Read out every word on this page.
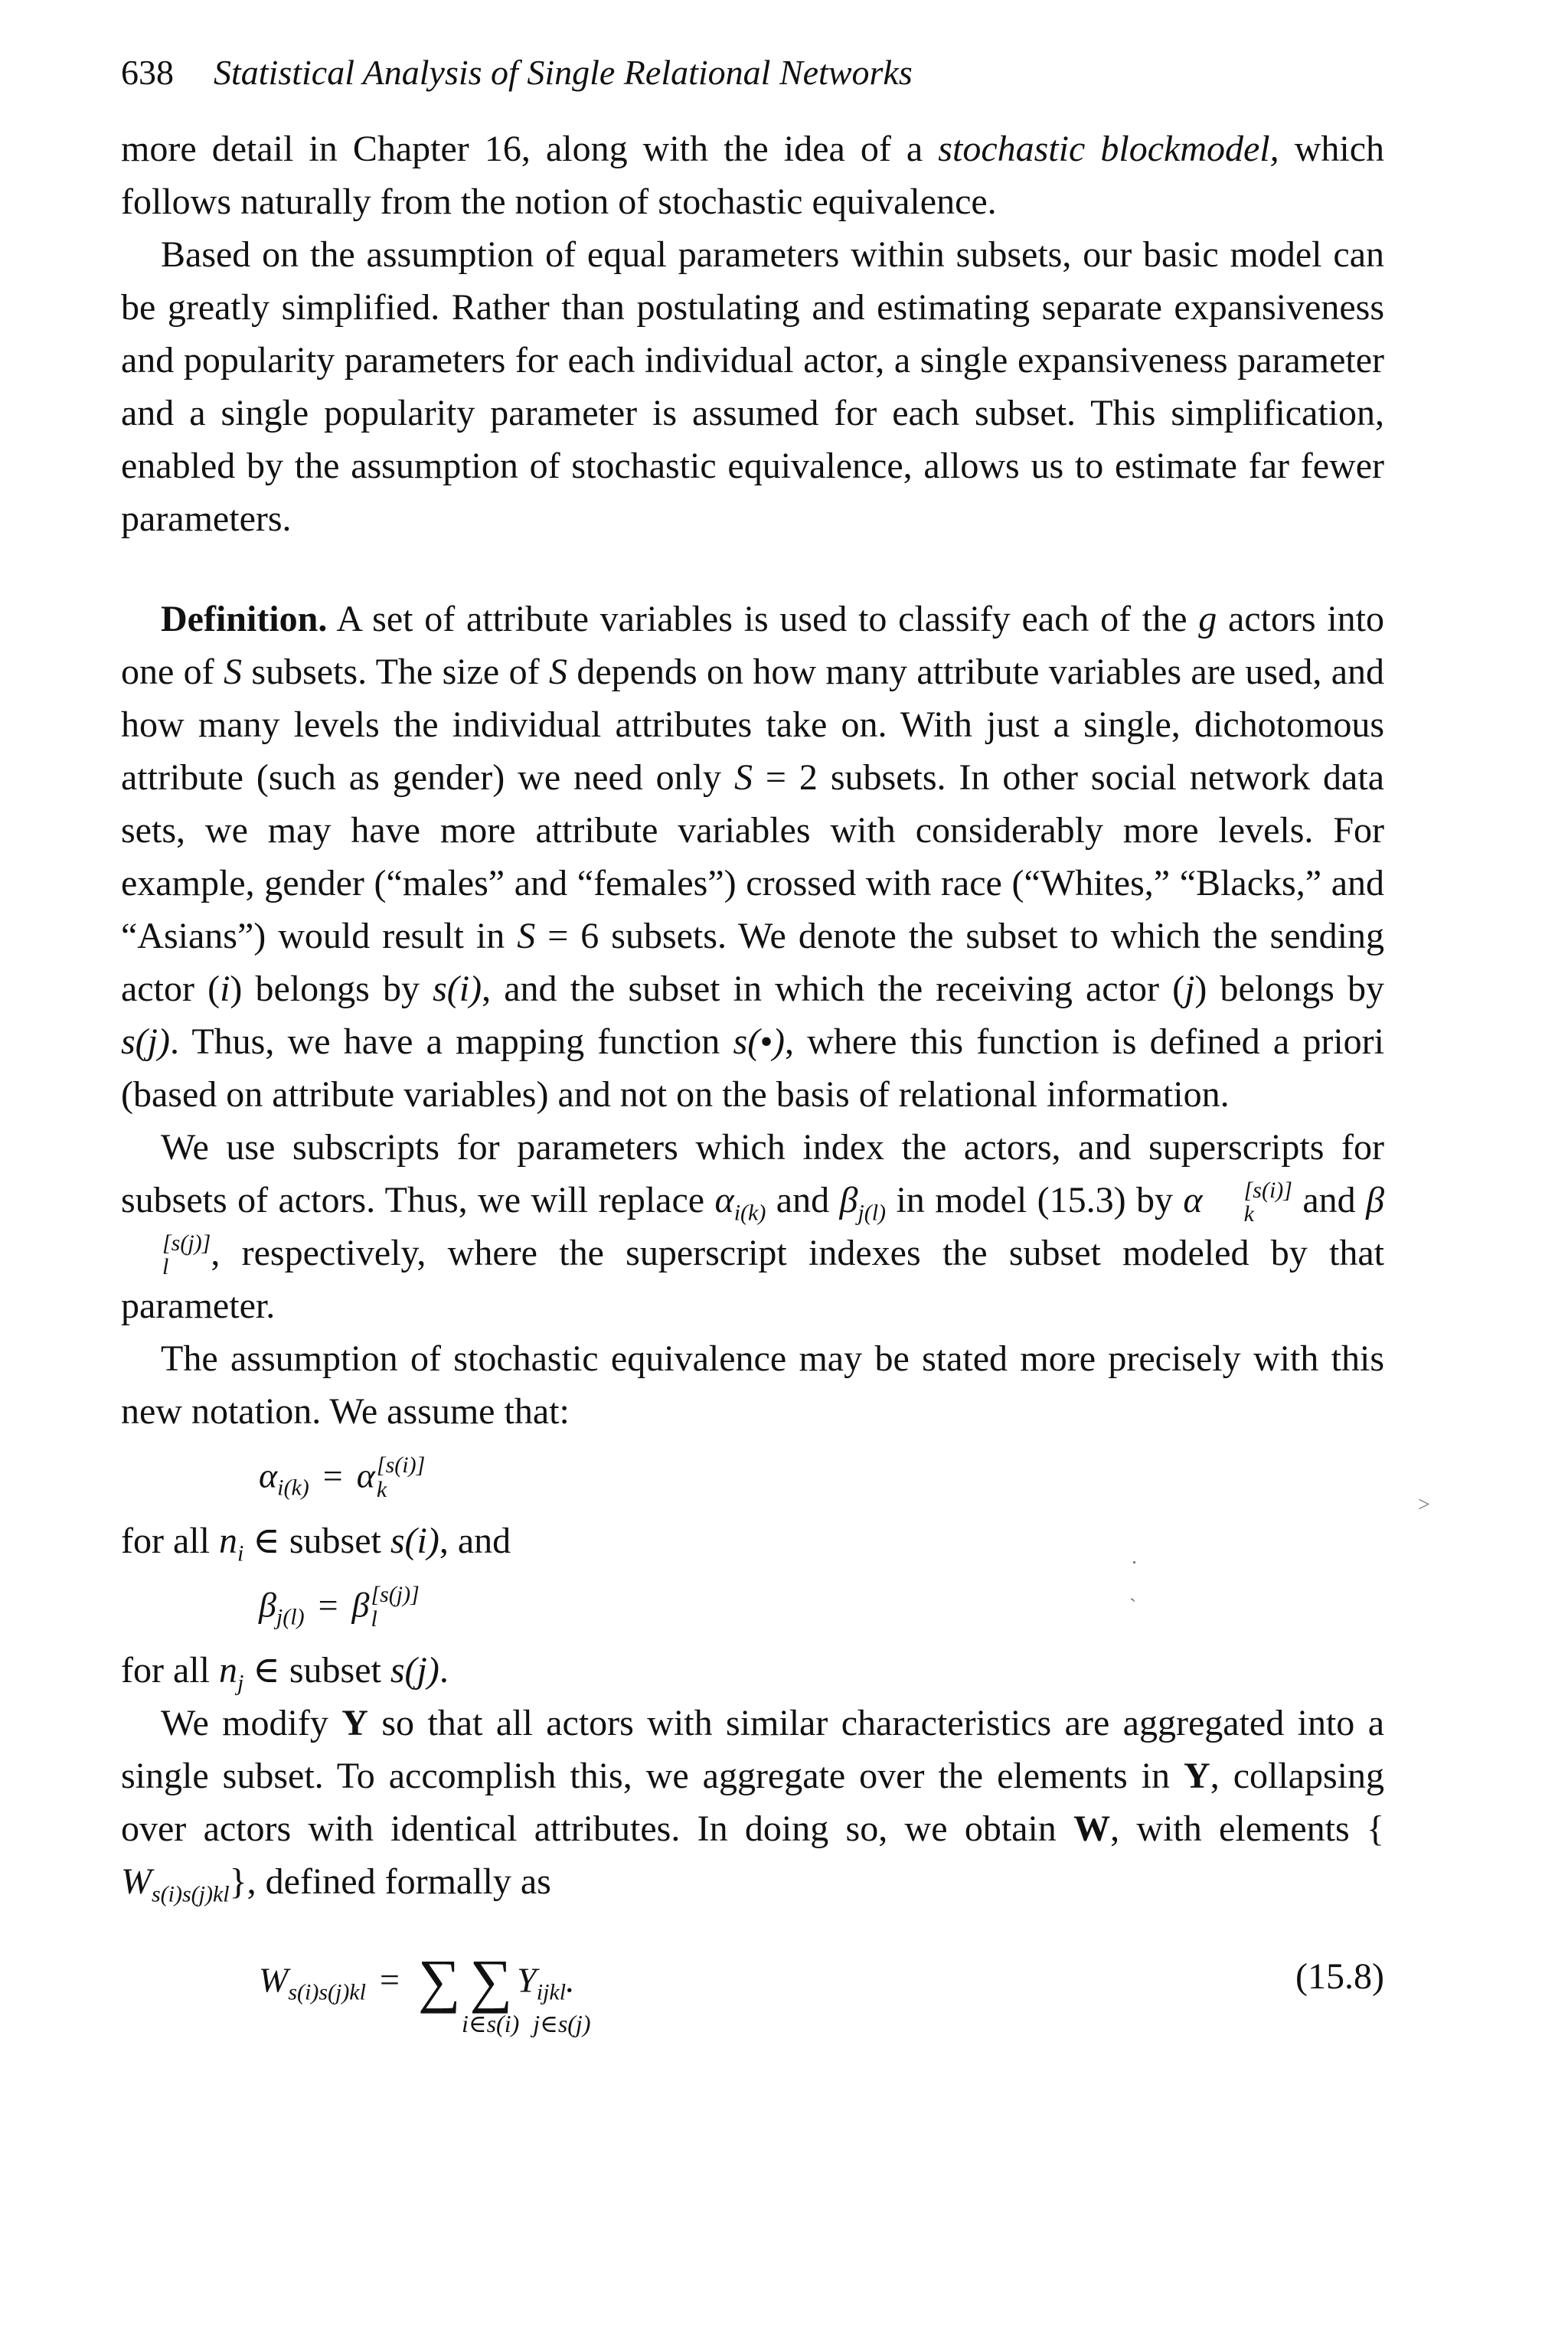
638 Statistical Analysis of Single Relational Networks

more detail in Chapter 16, along with the idea of a stochastic blockmodel, which follows naturally from the notion of stochastic equivalence.

Based on the assumption of equal parameters within subsets, our basic model can be greatly simplified. Rather than postulating and estimating separate expansiveness and popularity parameters for each individual actor, a single expansiveness parameter and a single popularity parameter is assumed for each subset. This simplification, enabled by the assumption of stochastic equivalence, allows us to estimate far fewer parameters.

Definition. A set of attribute variables is used to classify each of the g actors into one of S subsets. The size of S depends on how many attribute variables are used, and how many levels the individual attributes take on. With just a single, dichotomous attribute (such as gender) we need only S = 2 subsets. In other social network data sets, we may have more attribute variables with considerably more levels. For example, gender (“males” and “females”) crossed with race (“Whites,” “Blacks,” and “Asians”) would result in S = 6 subsets. We denote the subset to which the sending actor (i) belongs by s(i), and the subset in which the receiving actor (j) belongs by s(j). Thus, we have a mapping function s(•), where this function is defined a priori (based on attribute variables) and not on the basis of relational information.

We use subscripts for parameters which index the actors, and superscripts for subsets of actors. Thus, we will replace $\alpha_{i(k)}$ and $\beta_{j(l)}$ in model (15.3) by α	[s(i)]
k	and β
[s(j)]
l	, respectively, where the superscript indexes the subset modeled by that parameter.

The assumption of stochastic equivalence may be stated more precisely with this new notation. We assume that:

$\alpha_{i(k)} = \alpha$ [s(i)]
k

for all $n_i$ ∈ subset s(i), and

$\beta_{j(l)} = \beta$ [s(j)]
l

for all $n_j$ ∈ subset s(j).

We modify Y so that all actors with similar characteristics are aggregated into a single subset. To accomplish this, we aggregate over the elements in Y, collapsing over actors with identical attributes. In doing so, we obtain W, with elements { $W_{s(i)s(j)kl}$}, defined formally as

$W_{s(i)s(j)kl}$ = ∑ ∑ $Y_{ijkl}$.
i∈s(i) j∈s(j)
(15.8)
˃
.
ˏ
